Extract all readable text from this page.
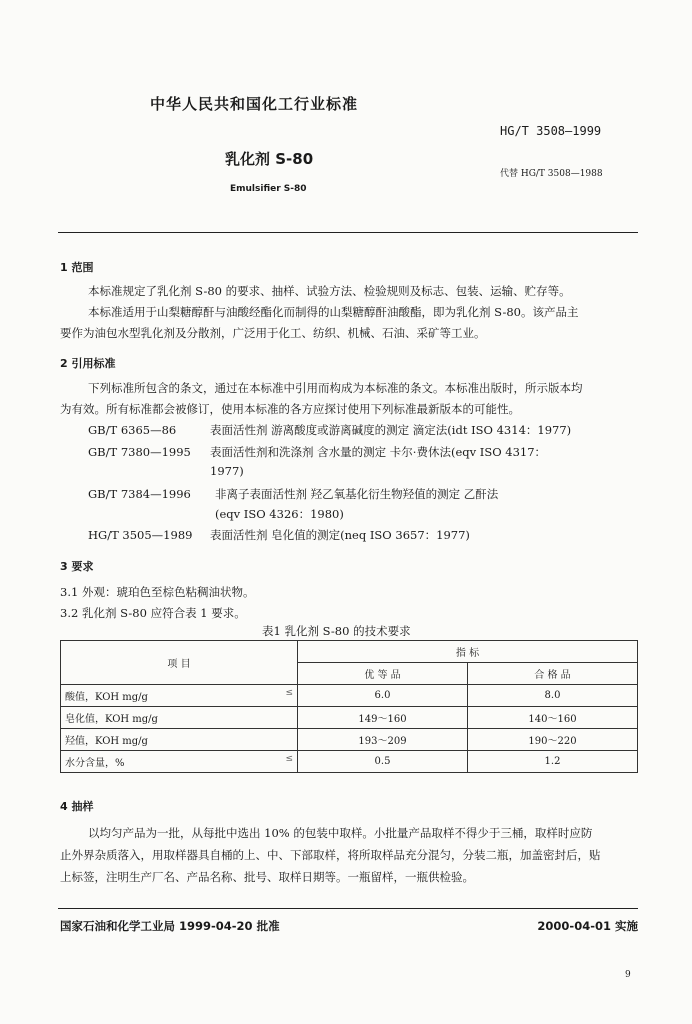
中华人民共和国化工行业标准
HG/T 3508—1999
乳化剂 S-80
代替 HG/T 3508—1988
Emulsifier S-80
1 范围
本标准规定了乳化剂 S-80 的要求、抽样、试验方法、检验规则及标志、包装、运输、贮存等。
本标准适用于山梨糖醇酐与油酸经酯化而制得的山梨糖醇酐油酸酯，即为乳化剂 S-80。该产品主
要作为油包水型乳化剂及分散剂，广泛用于化工、纺织、机械、石油、采矿等工业。
2 引用标准
下列标准所包含的条文，通过在本标准中引用而构成为本标准的条文。本标准出版时，所示版本均
为有效。所有标准都会被修订，使用本标准的各方应探讨使用下列标准最新版本的可能性。
GB/T 6365—86	表面活性剂 游离酸度或游离碱度的测定 滴定法(idt ISO 4314：1977)
GB/T 7380—1995 表面活性剂和洗涤剂 含水量的测定 卡尔·费休法(eqv ISO 4317：
1977)
GB/T 7384—1996 非离子表面活性剂 羟乙氧基化衍生物羟值的测定 乙酐法
(eqv ISO 4326：1980)
HG/T 3505—1989 表面活性剂 皂化值的测定(neq ISO 3657：1977)
3 要求
3.1 外观：琥珀色至棕色粘稠油状物。
3.2 乳化剂 S-80 应符合表 1 要求。
表1 乳化剂 S-80 的技术要求
项 目	指 标	
	优 等 品	合 格 品
酸值，KOH mg/g ≤	6.0	8.0
皂化值，KOH mg/g	149～160	140～160
羟值，KOH mg/g	193～209	190～220
水分含量，% ≤	0.5	1.2
4 抽样
以均匀产品为一批，从每批中选出 10% 的包装中取样。小批量产品取样不得少于三桶，取样时应防
止外界杂质落入，用取样器具自桶的上、中、下部取样，将所取样品充分混匀，分装二瓶，加盖密封后，贴
上标签，注明生产厂名、产品名称、批号、取样日期等。一瓶留样，一瓶供检验。
国家石油和化学工业局 1999-04-20 批准	2000-04-01 实施
9
